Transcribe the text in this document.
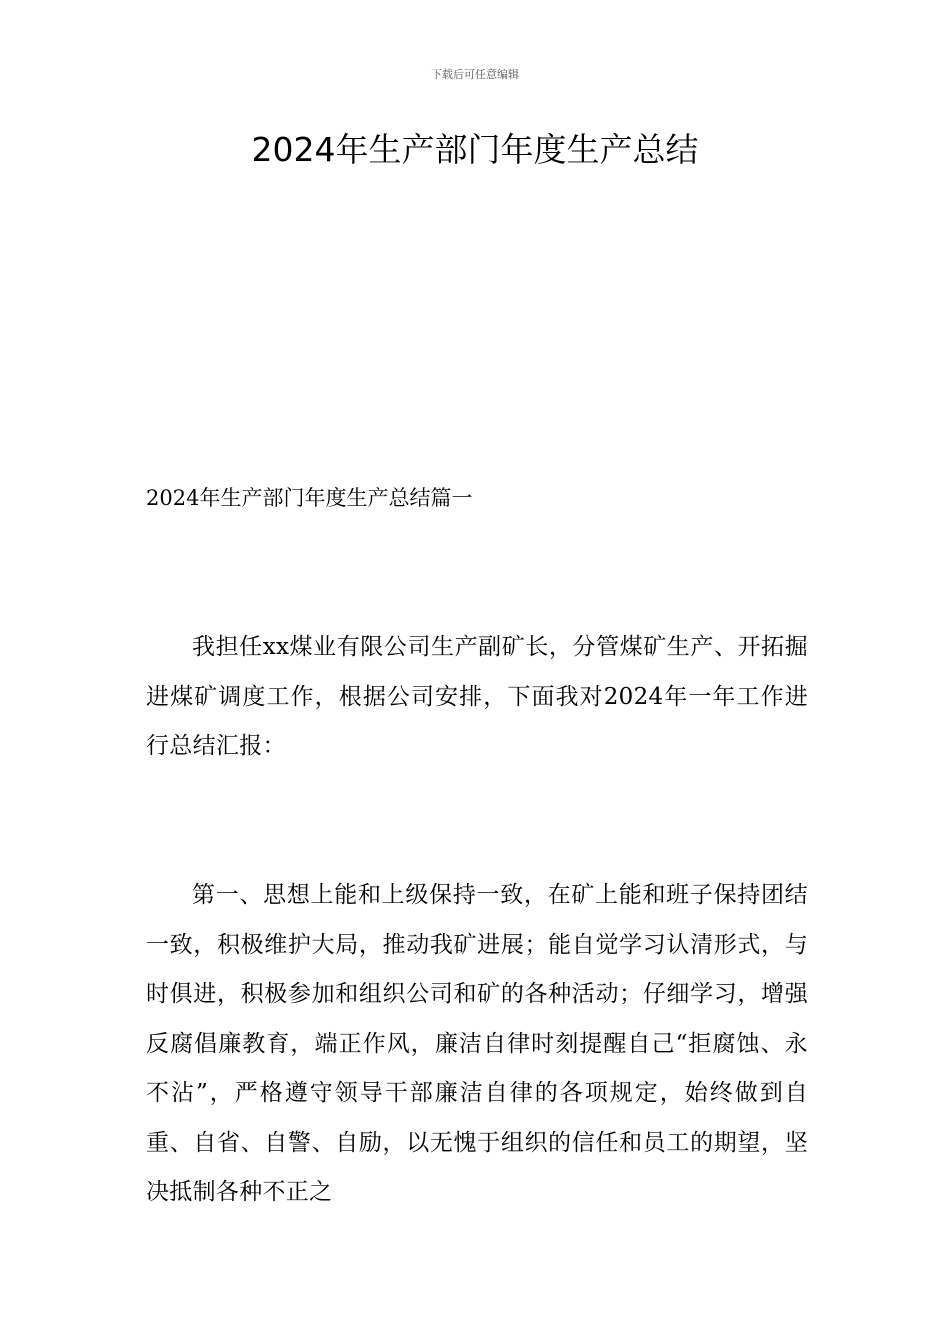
下载后可任意编辑
2024年生产部门年度生产总结
2024年生产部门年度生产总结篇一

我担任xx煤业有限公司生产副矿长，分管煤矿生产、开拓掘进煤矿调度工作，根据公司安排，下面我对2024年一年工作进行总结汇报：

第一、思想上能和上级保持一致，在矿上能和班子保持团结一致，积极维护大局，推动我矿进展；能自觉学习认清形式，与时俱进，积极参加和组织公司和矿的各种活动；仔细学习，增强反腐倡廉教育，端正作风，廉洁自律时刻提醒自己“拒腐蚀、永不沾”，严格遵守领导干部廉洁自律的各项规定，始终做到自重、自省、自警、自励，以无愧于组织的信任和员工的期望，坚决抵制各种不正之
